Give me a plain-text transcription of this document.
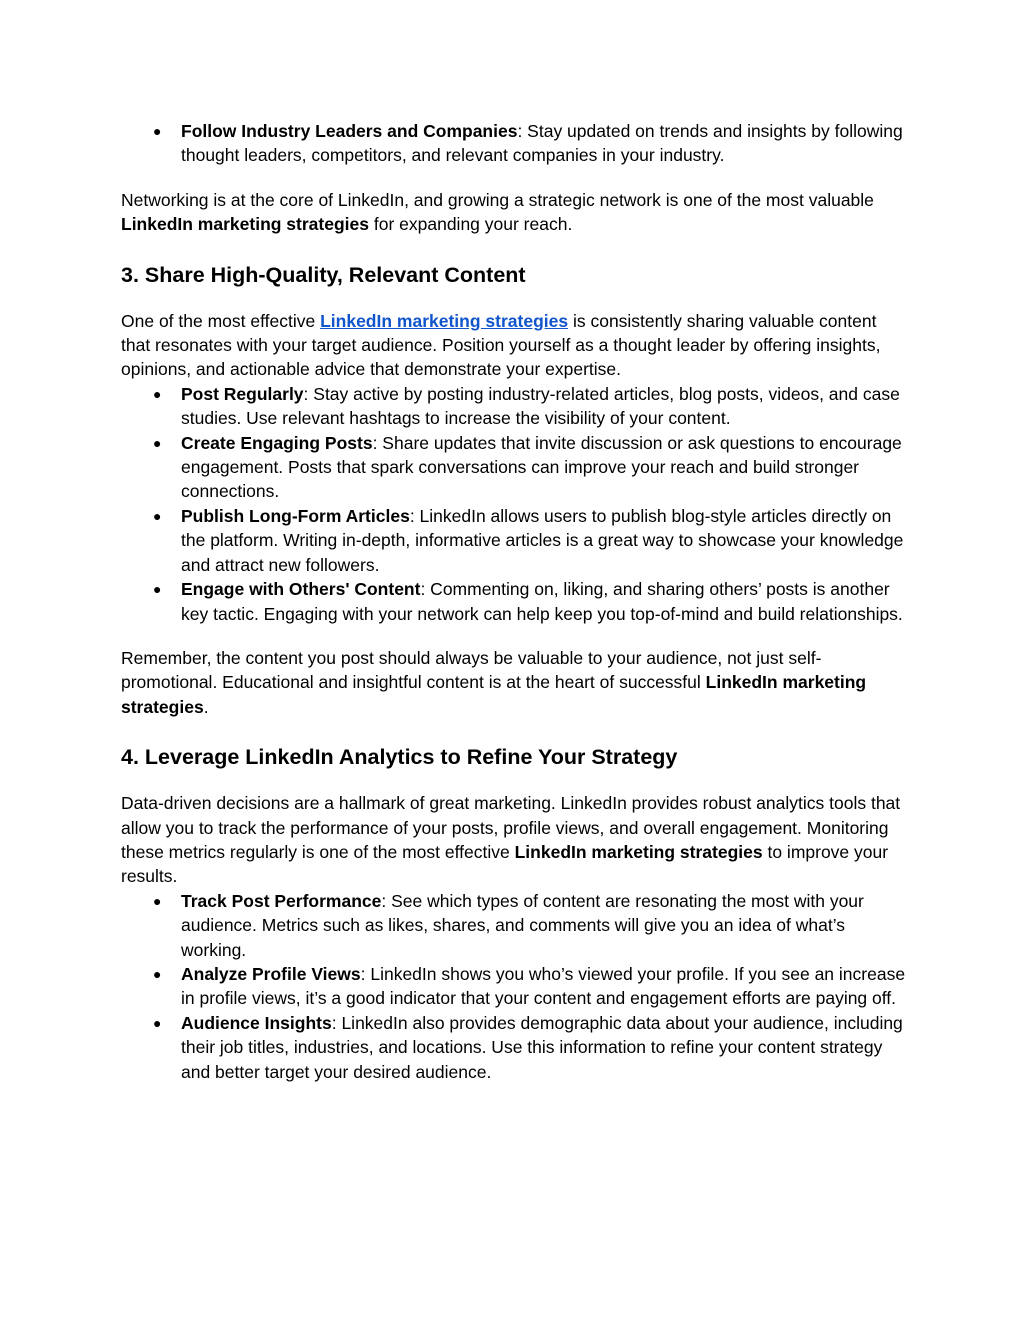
● Follow Industry Leaders and Companies: Stay updated on trends and insights by following thought leaders, competitors, and relevant companies in your industry.

Networking is at the core of LinkedIn, and growing a strategic network is one of the most valuable LinkedIn marketing strategies for expanding your reach.

3. Share High-Quality, Relevant Content

One of the most effective LinkedIn marketing strategies is consistently sharing valuable content that resonates with your target audience. Position yourself as a thought leader by offering insights, opinions, and actionable advice that demonstrate your expertise.

● Post Regularly: Stay active by posting industry-related articles, blog posts, videos, and case studies. Use relevant hashtags to increase the visibility of your content.
● Create Engaging Posts: Share updates that invite discussion or ask questions to encourage engagement. Posts that spark conversations can improve your reach and build stronger connections.
● Publish Long-Form Articles: LinkedIn allows users to publish blog-style articles directly on the platform. Writing in-depth, informative articles is a great way to showcase your knowledge and attract new followers.
● Engage with Others' Content: Commenting on, liking, and sharing others’ posts is another key tactic. Engaging with your network can help keep you top-of-mind and build relationships.

Remember, the content you post should always be valuable to your audience, not just self-promotional. Educational and insightful content is at the heart of successful LinkedIn marketing strategies.

4. Leverage LinkedIn Analytics to Refine Your Strategy

Data-driven decisions are a hallmark of great marketing. LinkedIn provides robust analytics tools that allow you to track the performance of your posts, profile views, and overall engagement. Monitoring these metrics regularly is one of the most effective LinkedIn marketing strategies to improve your results.

● Track Post Performance: See which types of content are resonating the most with your audience. Metrics such as likes, shares, and comments will give you an idea of what’s working.
● Analyze Profile Views: LinkedIn shows you who’s viewed your profile. If you see an increase in profile views, it’s a good indicator that your content and engagement efforts are paying off.
● Audience Insights: LinkedIn also provides demographic data about your audience, including their job titles, industries, and locations. Use this information to refine your content strategy and better target your desired audience.
